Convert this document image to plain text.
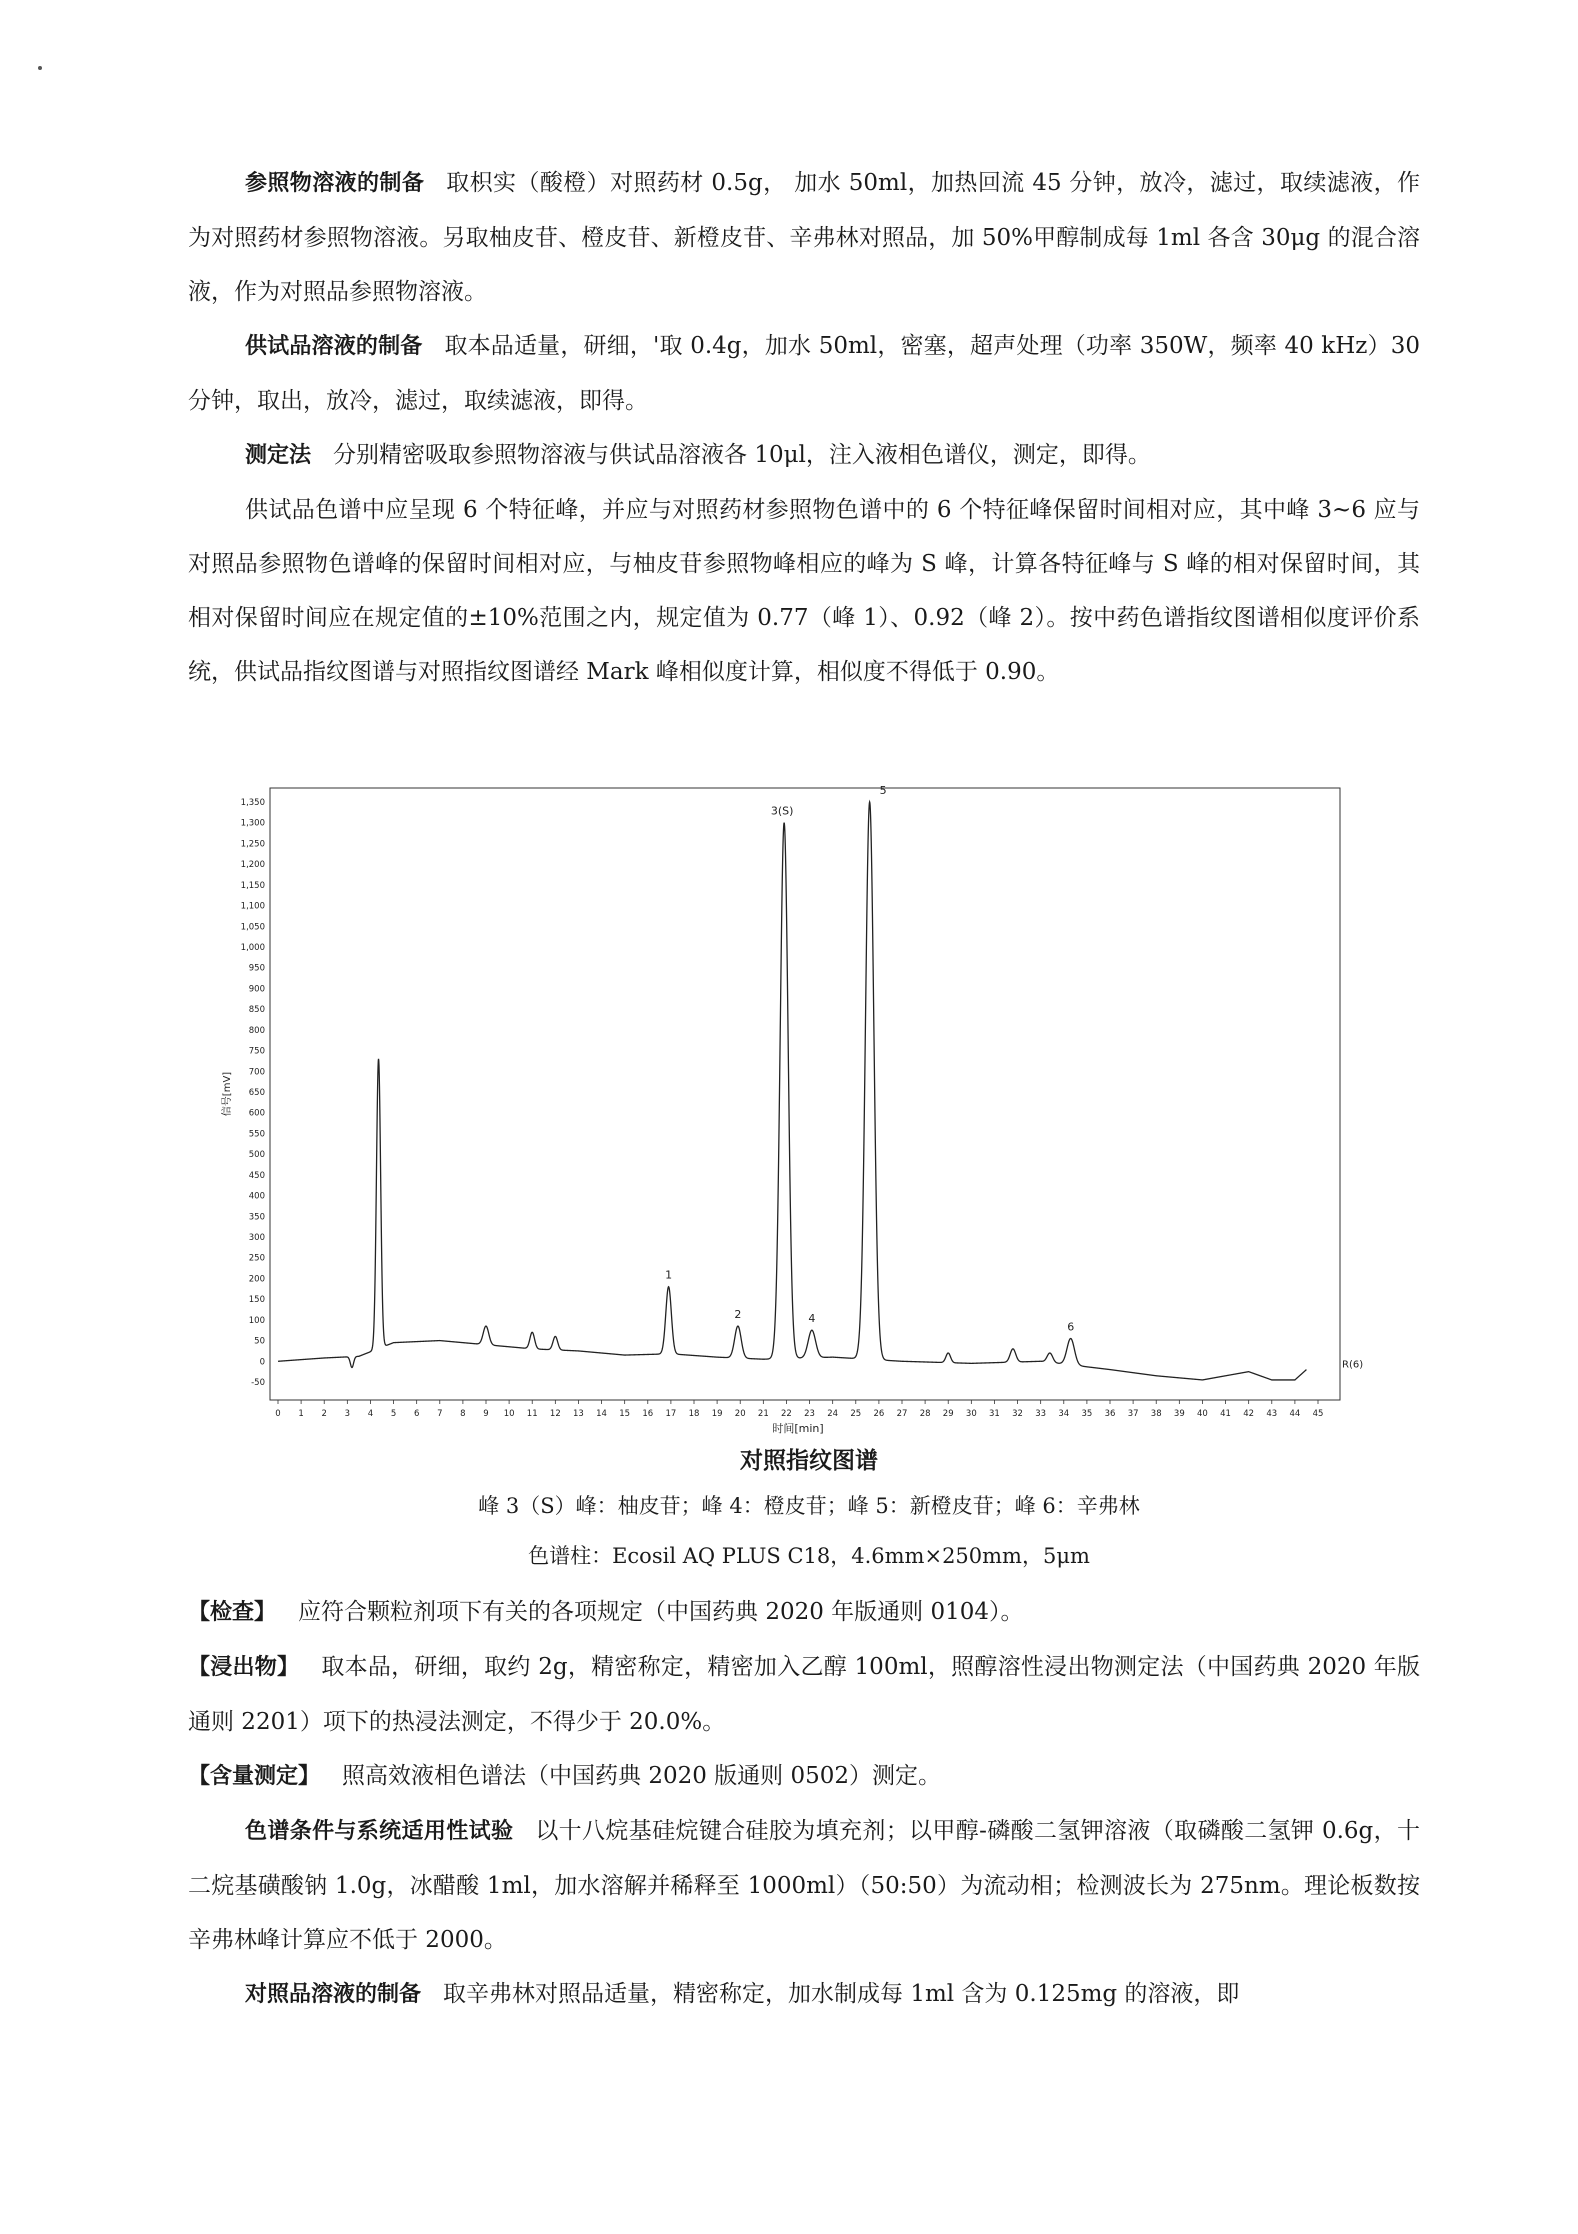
参照物溶液的制备 取枳实（酸橙）对照药材 0.5g， 加水 50ml，加热回流 45 分钟，放冷，滤过，取续滤液，作为对照药材参照物溶液。另取柚皮苷、橙皮苷、新橙皮苷、辛弗林对照品，加 50%甲醇制成每 1ml 各含 30μg 的混合溶液，作为对照品参照物溶液。

供试品溶液的制备 取本品适量，研细，'取 0.4g，加水 50ml，密塞，超声处理（功率 350W，频率 40 kHz）30 分钟，取出，放冷，滤过，取续滤液，即得。

测定法 分别精密吸取参照物溶液与供试品溶液各 10μl，注入液相色谱仪，测定，即得。

供试品色谱中应呈现 6 个特征峰，并应与对照药材参照物色谱中的 6 个特征峰保留时间相对应，其中峰 3~6 应与对照品参照物色谱峰的保留时间相对应，与柚皮苷参照物峰相应的峰为 S 峰，计算各特征峰与 S 峰的相对保留时间，其相对保留时间应在规定值的±10%范围之内，规定值为 0.77（峰 1）、0.92（峰 2）。按中药色谱指纹图谱相似度评价系统，供试品指纹图谱与对照指纹图谱经 Mark 峰相似度计算，相似度不得低于 0.90。

-50
0
50
100
150
200
250
300
350
400
450
500
550
600
650
700
750
800
850
900
950
1,000
1,050
1,100
1,150
1,200
1,250
1,300
1,350
0 1 2 3 4 5 6 7 8 9 10 11 12 13 14 15 16 17 18 19 20 21 22 23 24 25 26 27 28 29 30 31 32 33 34 35 36 37 38 39 40 41 42 43 44 45
1
2
3(S)
4
5
6
信号[mV]
时间[min]
R(6)
对照指纹图谱
峰 3（S）峰：柚皮苷；峰 4：橙皮苷；峰 5：新橙皮苷；峰 6：辛弗林
色谱柱：Ecosil AQ PLUS C18，4.6mm×250mm，5μm

【检查】 应符合颗粒剂项下有关的各项规定（中国药典 2020 年版通则 0104）。

【浸出物】 取本品，研细，取约 2g，精密称定，精密加入乙醇 100ml，照醇溶性浸出物测定法（中国药典 2020 年版通则 2201）项下的热浸法测定，不得少于 20.0%。

【含量测定】 照高效液相色谱法（中国药典 2020 版通则 0502）测定。

色谱条件与系统适用性试验 以十八烷基硅烷键合硅胶为填充剂；以甲醇-磷酸二氢钾溶液（取磷酸二氢钾 0.6g，十二烷基磺酸钠 1.0g，冰醋酸 1ml，加水溶解并稀释至 1000ml）（50:50）为流动相；检测波长为 275nm。理论板数按辛弗林峰计算应不低于 2000。

对照品溶液的制备 取辛弗林对照品适量，精密称定，加水制成每 1ml 含为 0.125mg 的溶液，即
